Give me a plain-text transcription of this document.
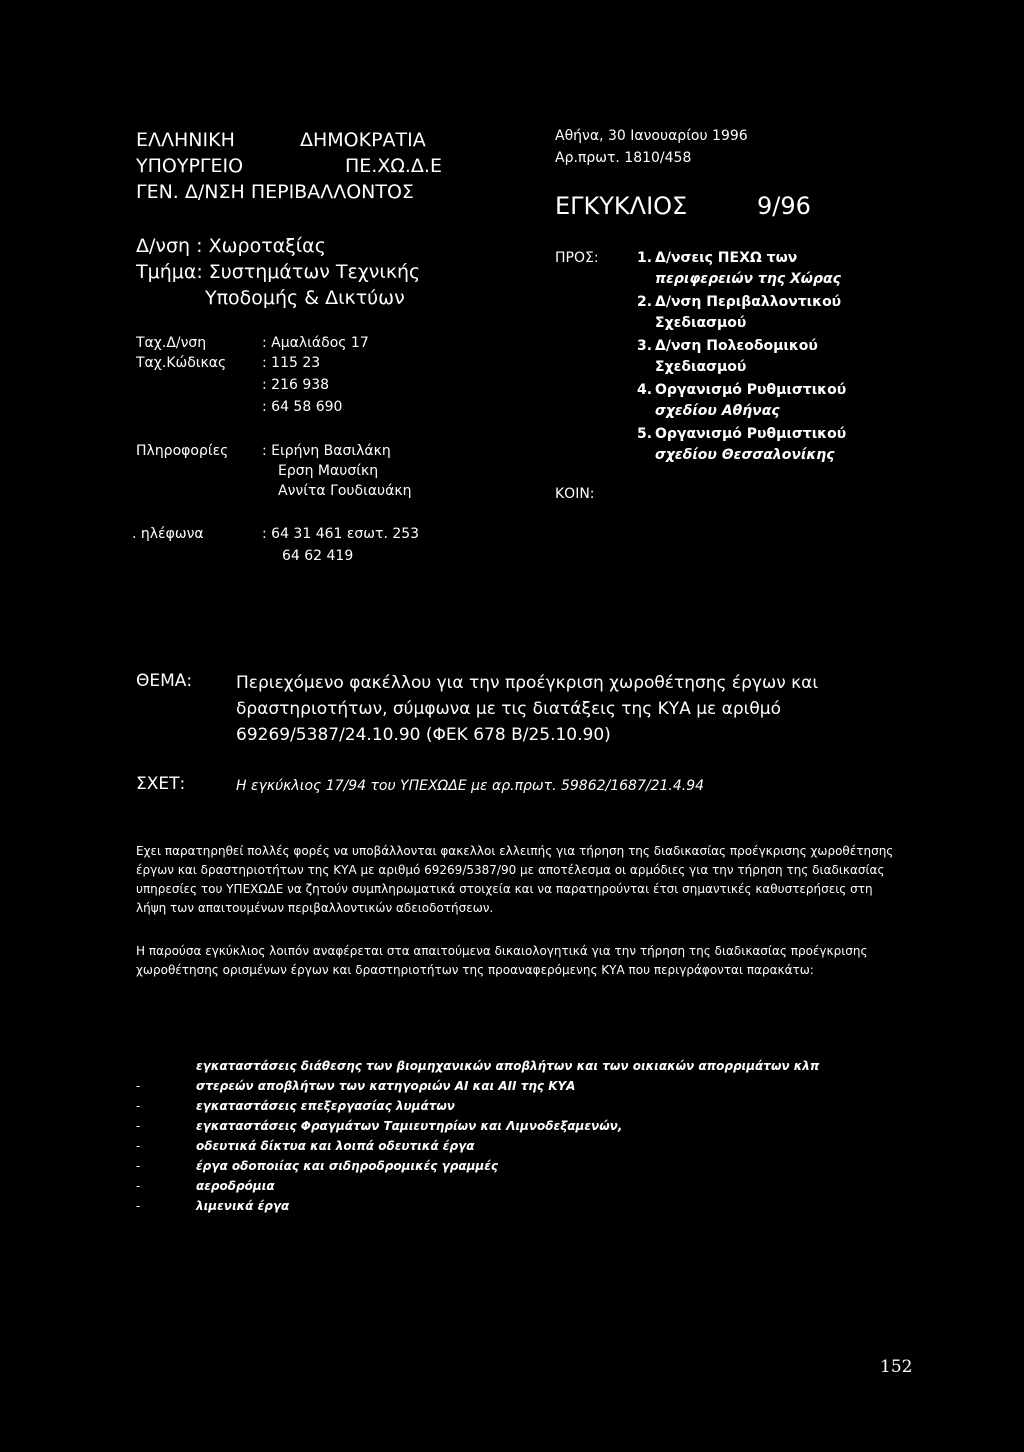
ΕΛΛΗΝΙΚΗ	ΔΗΜΟΚΡΑΤΙΑ
ΥΠΟΥΡΓΕΙΟ	ΠΕ.ΧΩ.Δ.Ε
ΓΕΝ. Δ/ΝΣΗ ΠΕΡΙΒΑΛΛΟΝΤΟΣ
Δ/νση : Χωροταξίας
Τμήμα: Συστημάτων Τεχνικής
Υποδομής & Δικτύων
Ταχ.Δ/νση	: Αμαλιάδος 17
Ταχ.Κώδικας	: 115 23
: 216 938
: 64 58 690
Πληροφορίες : Ειρήνη Βασιλάκη
Ερση Μαυσίκη
Αννίτα Γουδιαυάκη
. ηλέφωνα	: 64 31 461 εσωτ. 253
64 62 419
Αθήνα, 30 Ιανουαρίου 1996
Αρ.πρωτ. 1810/458
ΕΓΚΥΚΛΙΟΣ	9/96
ΠΡΟΣ:	1. Δ/νσεις ΠΕΧΩ των
περιφερειών της Χώρας
2. Δ/νση Περιβαλλοντικού
Σχεδιασμού
3. Δ/νση Πολεοδομικού
Σχεδιασμού
4. Οργανισμό Ρυθμιστικού
σχεδίου Αθήνας
5. Οργανισμό Ρυθμιστικού
σχεδίου Θεσσαλονίκης
ΚΟΙΝ:
ΘΕΜΑ:	Περιεχόμενο φακέλλου για την προέγκριση χωροθέτησης έργων και
δραστηριοτήτων, σύμφωνα με τις διατάξεις της ΚΥΑ με αριθμό
69269/5387/24.10.90 (ΦΕΚ 678 Β/25.10.90)
ΣΧΕΤ:	Η εγκύκλιος 17/94 του ΥΠΕΧΩΔΕ με αρ.πρωτ. 59862/1687/21.4.94
Εχει παρατηρηθεί πολλές φορές να υποβάλλονται φακελλοι ελλειπής για τήρηση της διαδικασίας προέγκρισης χωροθέτησης έργων και δραστηριοτήτων της ΚΥΑ με αριθμό 69269/5387/90 με αποτέλεσμα οι αρμόδιες για την τήρηση της διαδικασίας υπηρεσίες του ΥΠΕΧΩΔΕ να ζητούν συμπληρωματικά στοιχεία και να παρατηρούνται έτσι σημαντικές καθυστερήσεις στη λήψη των απαιτουμένων περιβαλλοντικών αδειοδοτήσεων.
Η παρούσα εγκύκλιος λοιπόν αναφέρεται στα απαιτούμενα δικαιολογητικά για την τήρηση της διαδικασίας προέγκρισης χωροθέτησης ορισμένων έργων και δραστηριοτήτων της προαναφερόμενης ΚΥΑ που περιγράφονται παρακάτω:
-
-
-
-
-
-
-
εγκαταστάσεις διάθεσης των βιομηχανικών αποβλήτων και των οικιακών απορριμάτων κλπ
στερεών αποβλήτων των κατηγοριών ΑΙ και ΑΙΙ της ΚΥΑ
εγκαταστάσεις επεξεργασίας λυμάτων
εγκαταστάσεις Φραγμάτων Ταμιευτηρίων και Λιμνοδεξαμενών,
οδευτικά δίκτυα και λοιπά οδευτικά έργα
έργα οδοποιίας και σιδηροδρομικές γραμμές
αεροδρόμια
λιμενικά έργα
152
